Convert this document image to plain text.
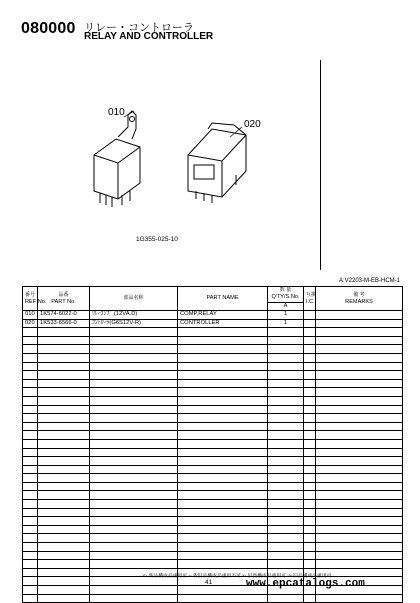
080000 リレー・コントローラ
RELAY AND CONTROLLER
010
020
1G355-025-10
A:V2203-M-EB-HCM-1
番号
REF No.	品番
PART No.	部品名称	PART NAME	数 量
Q'TY/S.No.
A	互換
I.C.	備 考
REMARKS

010	1K574-6022-0	ﾘﾚｰｺﾝﾌﾟ (12VA.D)	COMP,RELAY	1		
020	1K533-6566-0	ｺﾝﾄﾛｰﾗ(G6S12V-R)	CONTROLLER	1		

<- 新品構成品重用可 ‹- 新旧品構成品重用不可 x- 旧新構成品重用可 -> 旧品構成品重用可
41	www.epcatalogs.com
